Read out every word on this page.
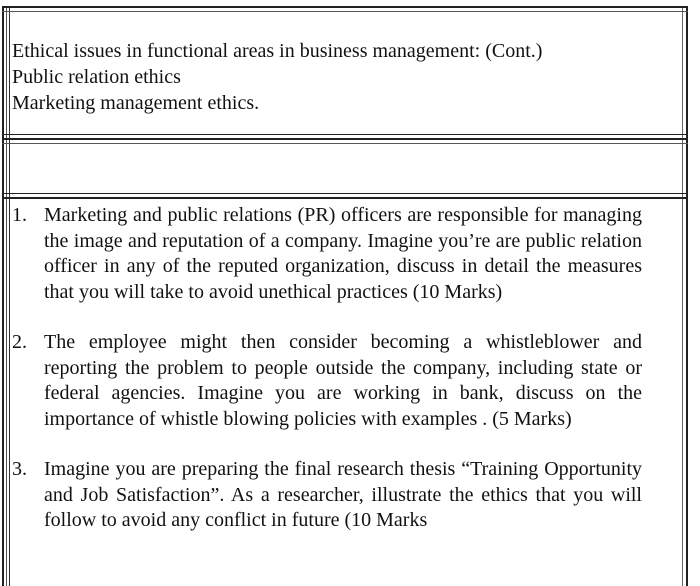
Ethical issues in functional areas in business management: (Cont.)
Public relation ethics
Marketing management ethics.
1. Marketing and public relations (PR) officers are responsible for managing the image and reputation of a company. Imagine you’re are public relation officer in any of the reputed organization, discuss in detail the measures that you will take to avoid unethical practices (10 Marks)
2. The employee might then consider becoming a whistleblower and reporting the problem to people outside the company, including state or federal agencies. Imagine you are working in bank, discuss on the importance of whistle blowing policies with examples . (5 Marks)
3. Imagine you are preparing the final research thesis “Training Opportunity and Job Satisfaction”. As a researcher, illustrate the ethics that you will follow to avoid any conflict in future (10 Marks
